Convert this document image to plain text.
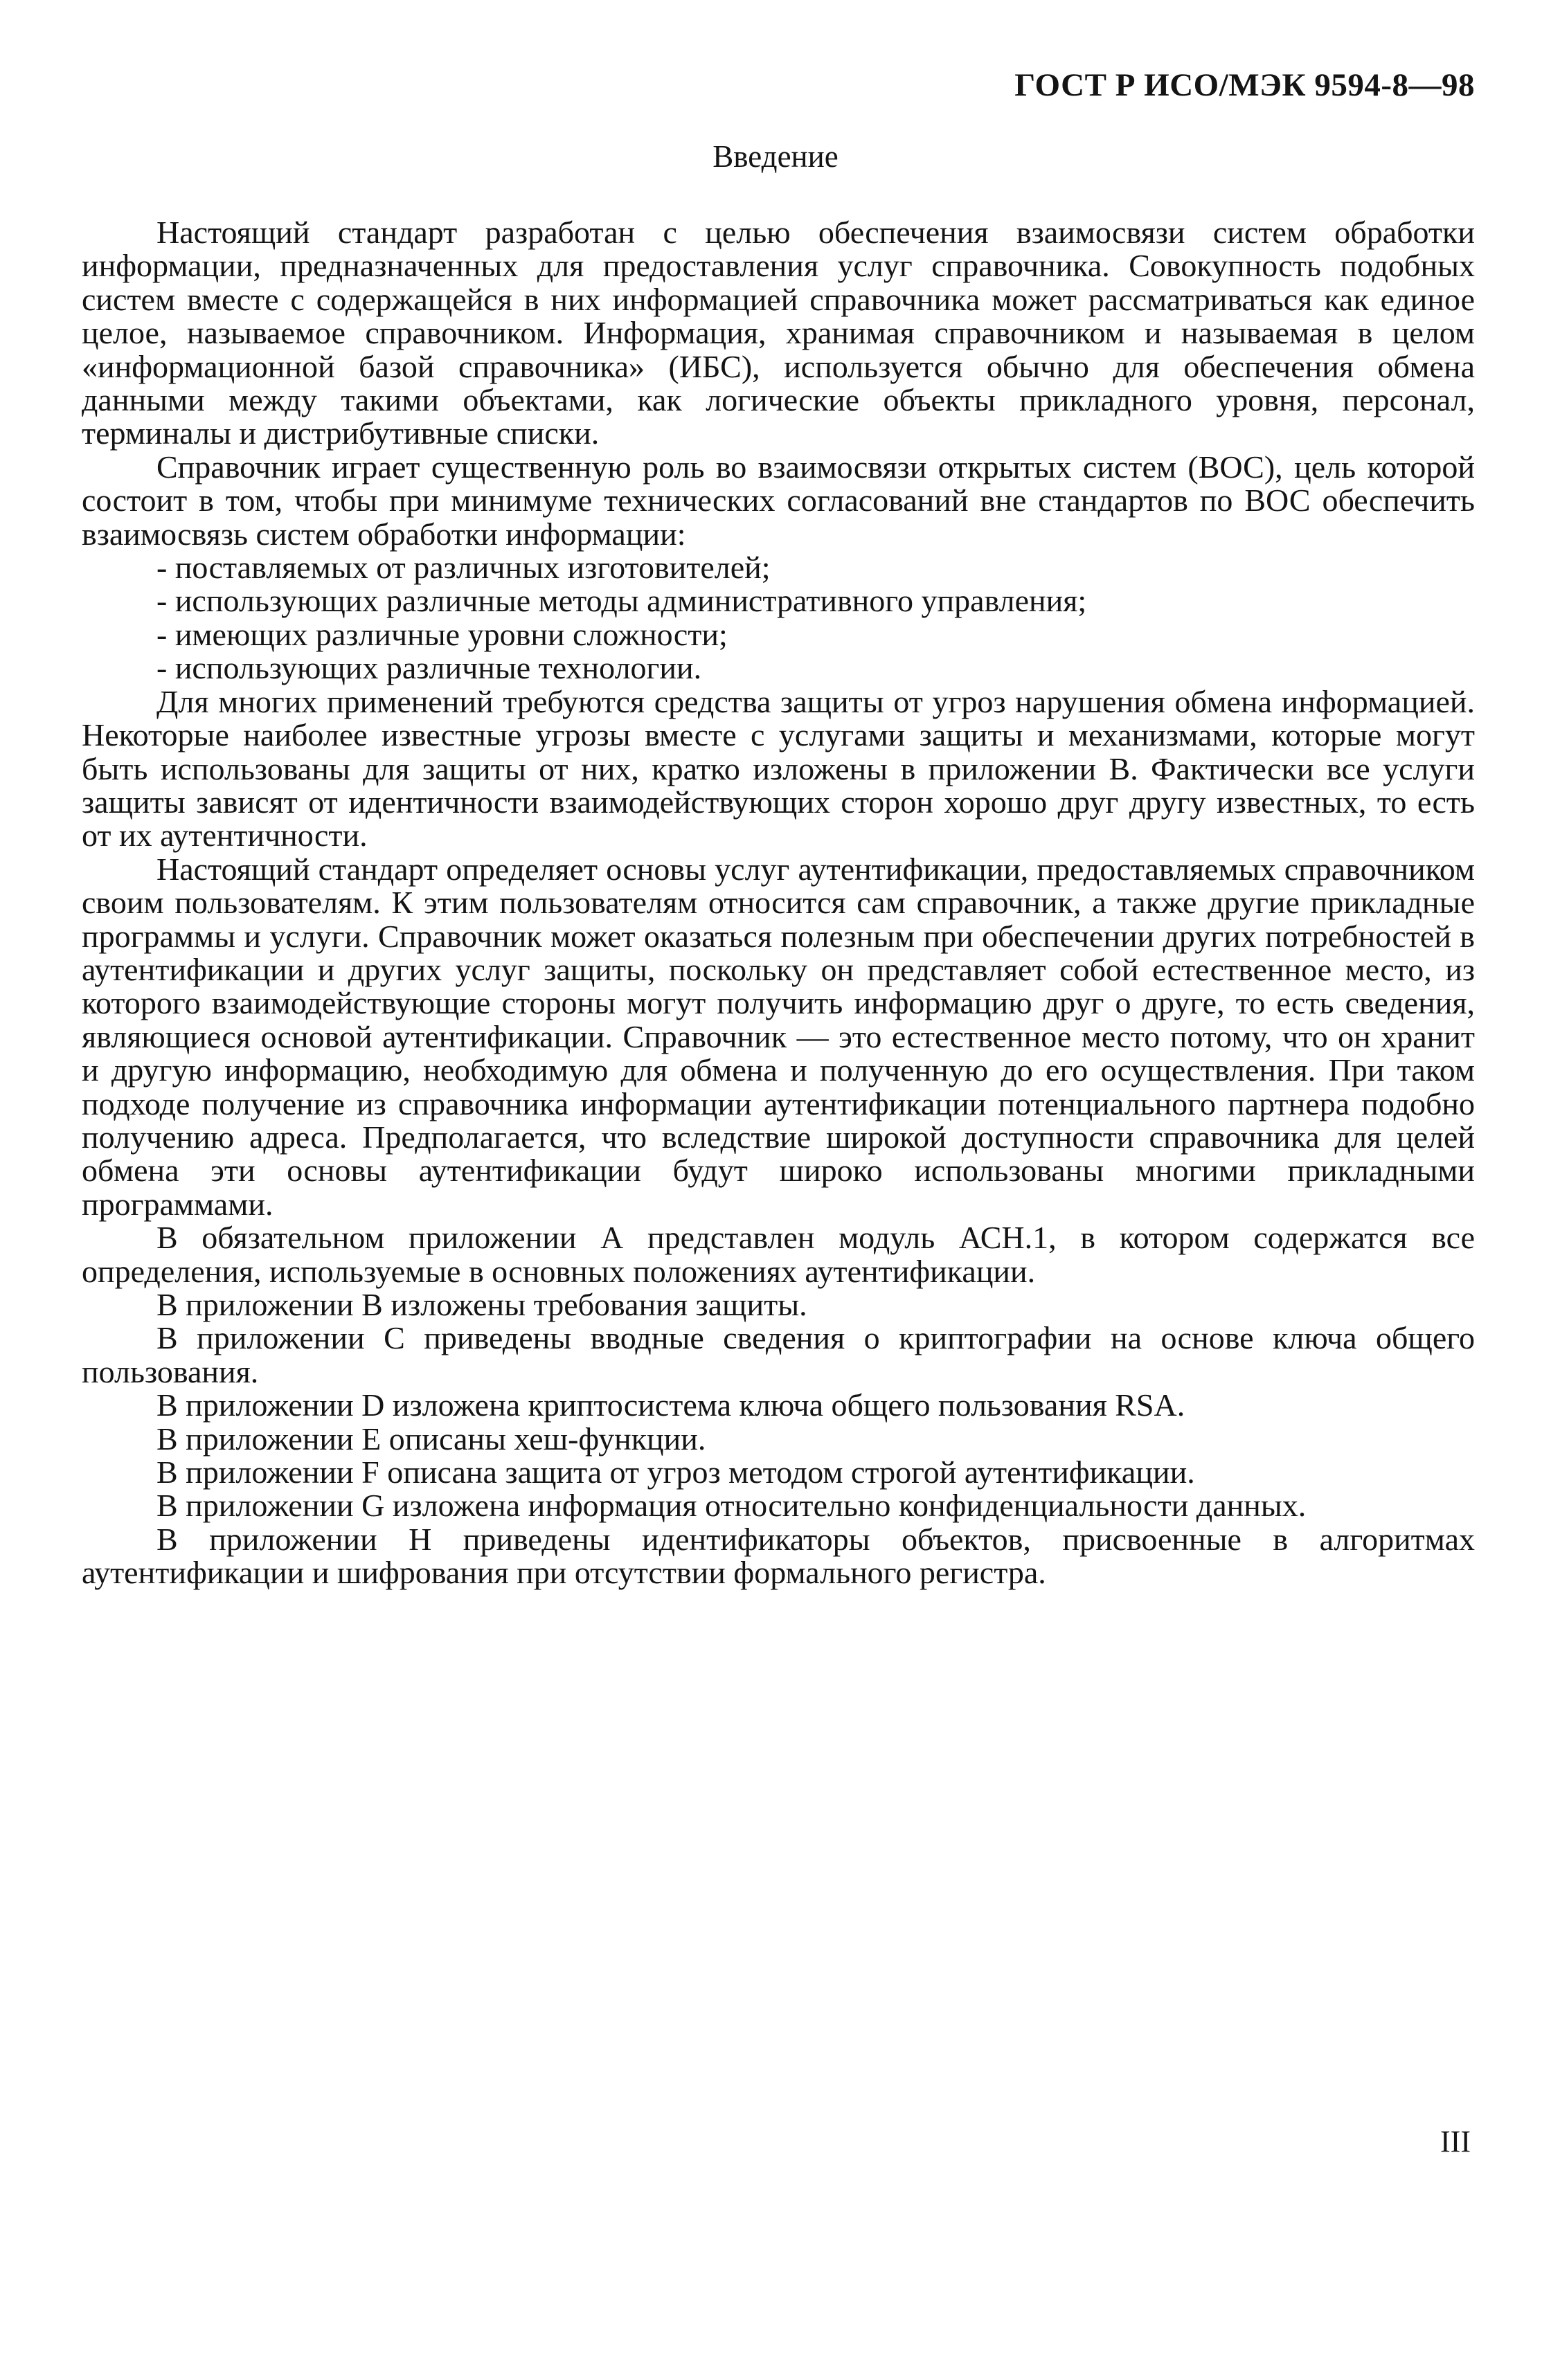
ГОСТ Р ИСО/МЭК 9594-8—98
Введение

Настоящий стандарт разработан с целью обеспечения взаимосвязи систем обработки информации, предназначенных для предоставления услуг справочника. Совокупность подобных систем вместе с содержащейся в них информацией справочника может рассматриваться как единое целое, называемое справочником. Информация, хранимая справочником и называемая в целом «информационной базой справочника» (ИБС), используется обычно для обеспечения обмена данными между такими объектами, как логические объекты прикладного уровня, персонал, терминалы и дистрибутивные списки.

Справочник играет существенную роль во взаимосвязи открытых систем (ВОС), цель которой состоит в том, чтобы при минимуме технических согласований вне стандартов по ВОС обеспечить взаимосвязь систем обработки информации:

- поставляемых от различных изготовителей;

- использующих различные методы административного управления;

- имеющих различные уровни сложности;

- использующих различные технологии.

Для многих применений требуются средства защиты от угроз нарушения обмена информацией. Некоторые наиболее известные угрозы вместе с услугами защиты и механизмами, которые могут быть использованы для защиты от них, кратко изложены в приложении В. Фактически все услуги защиты зависят от идентичности взаимодействующих сторон хорошо друг другу известных, то есть от их аутентичности.

Настоящий стандарт определяет основы услуг аутентификации, предоставляемых справочником своим пользователям. К этим пользователям относится сам справочник, а также другие прикладные программы и услуги. Справочник может оказаться полезным при обеспечении других потребностей в аутентификации и других услуг защиты, поскольку он представляет собой естественное место, из которого взаимодействующие стороны могут получить информацию друг о друге, то есть сведения, являющиеся основой аутентификации. Справочник — это естественное место потому, что он хранит и другую информацию, необходимую для обмена и полученную до его осуществления. При таком подходе получение из справочника информации аутентификации потенциального партнера подобно получению адреса. Предполагается, что вследствие широкой доступности справочника для целей обмена эти основы аутентификации будут широко использованы многими прикладными программами.

В обязательном приложении А представлен модуль АСН.1, в котором содержатся все определения, используемые в основных положениях аутентификации.

В приложении В изложены требования защиты.

В приложении С приведены вводные сведения о криптографии на основе ключа общего пользования.

В приложении D изложена криптосистема ключа общего пользования RSA.

В приложении Е описаны хеш-функции.

В приложении F описана защита от угроз методом строгой аутентификации.

В приложении G изложена информация относительно конфиденциальности данных.

В приложении H приведены идентификаторы объектов, присвоенные в алгоритмах аутентификации и шифрования при отсутствии формального регистра.

III
